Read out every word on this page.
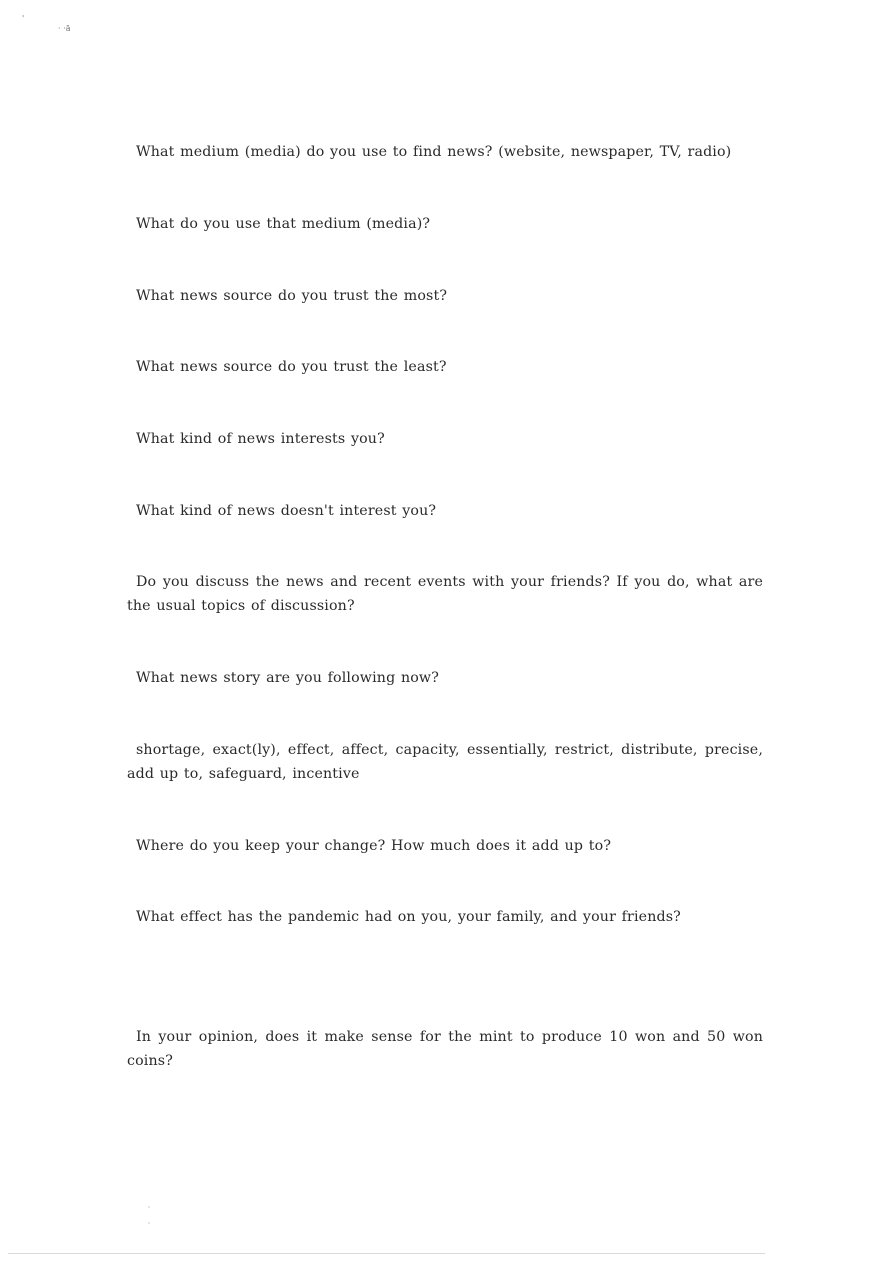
'
· ·ā

What medium (media) do you use to find news? (website, newspaper, TV, radio)

What do you use that medium (media)?

What news source do you trust the most?

What news source do you trust the least?

What kind of news interests you?

What kind of news doesn't interest you?

Do you discuss the news and recent events with your friends? If you do, what are the usual topics of discussion?

What news story are you following now?

shortage, exact(ly), effect, affect, capacity, essentially, restrict, distribute, precise, add up to, safeguard, incentive

Where do you keep your change? How much does it add up to?

What effect has the pandemic had on you, your family, and your friends?

In your opinion, does it make sense for the mint to produce 10 won and 50 won coins?
